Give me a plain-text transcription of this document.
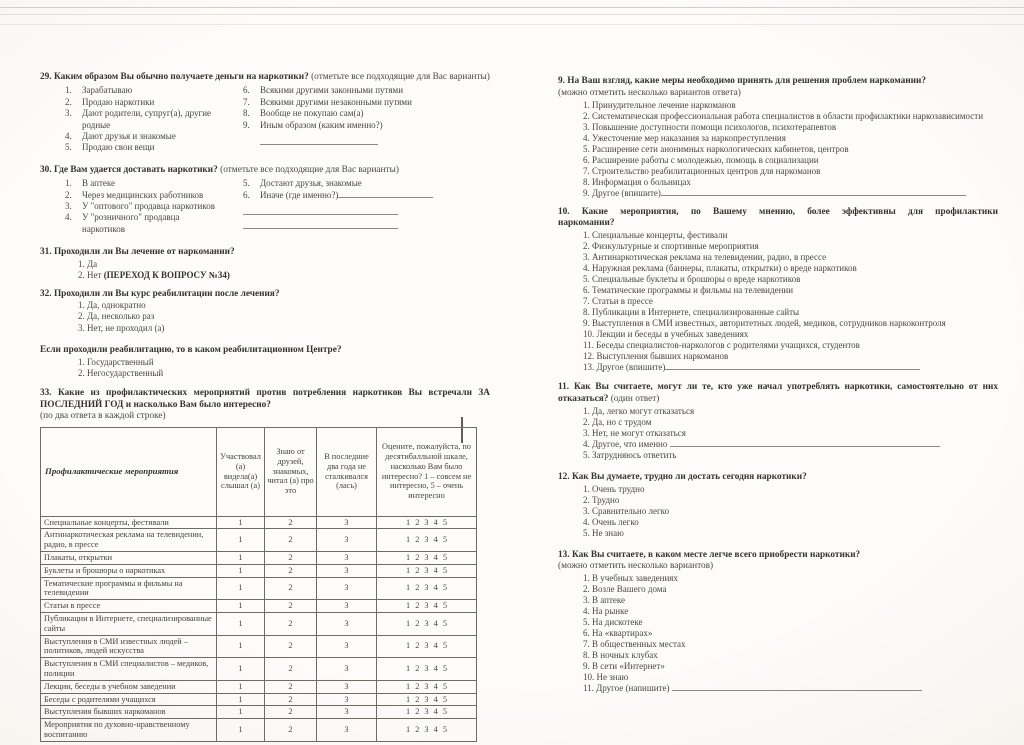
29. Каким образом Вы обычно получаете деньги на наркотики? (отметьте все подходящие для Вас варианты)

1.	Зарабатываю
2.	Продаю наркотики
3.	Дают родители, супруг(а), другие родные
4.	Дают друзья и знакомые
5.	Продаю свои вещи
6.	Всякими другими законными путями
7.	Всякими другими незаконными путями
8.	Вообще не покупаю сам(а)
9.	Иным образом (каким именно?)

30. Где Вам удается доставать наркотики? (отметьте все подходящие для Вас варианты)

1.	В аптеке
2.	Через медицинских работников
3.	У "оптового" продавца наркотиков
4.	У "розничного" продавца наркотиков
5.	Достают друзья, знакомые
6.	Иначе (где именно?)

31. Проходили ли Вы лечение от наркомании?

1. Да
2. Нет (ПЕРЕХОД К ВОПРОСУ №34)

32. Проходили ли Вы курс реабилитации после лечения?

1. Да, однократно
2. Да, несколько раз
3. Нет, не проходил (а)

Если проходили реабилитацию, то в каком реабилитационном Центре?

1. Государственный
2. Негосударственный

33. Какие из профилактических мероприятий против потребления наркотиков Вы встречали ЗА ПОСЛЕДНИЙ ГОД и насколько Вам было интересно?
(по два ответа в каждой строке)

Профилактические мероприятия	Участвовал (а) видела(а) слышал (а)	Знаю от друзей, знакомых, читал (а) про это	В последние два года не сталкивался (лась)	Оцените, пожалуйста, по десятибалльной шкале, насколько Вам было интересно? 1 – совсем не интересно, 5 – очень интересно
Специальные концерты, фестивали	1	2	3	1 2 3 4 5
Антинаркотическая реклама на телевидении, радио, в прессе	1	2	3	1 2 3 4 5
Плакаты, открытки	1	2	3	1 2 3 4 5
Буклеты и брошюры о наркотиках	1	2	3	1 2 3 4 5
Тематические программы и фильмы на телевидении	1	2	3	1 2 3 4 5
Статьи в прессе	1	2	3	1 2 3 4 5
Публикации в Интернете, специализированные сайты	1	2	3	1 2 3 4 5
Выступления в СМИ известных людей – политиков, людей искусства	1	2	3	1 2 3 4 5
Выступления в СМИ специалистов – медиков, полиции	1	2	3	1 2 3 4 5
Лекции, беседы в учебном заведении	1	2	3	1 2 3 4 5
Беседы с родителями учащихся	1	2	3	1 2 3 4 5
Выступления бывших наркоманов	1	2	3	1 2 3 4 5
Мероприятия по духовно-нравственному воспитанию	1	2	3	1 2 3 4 5

9. На Ваш взгляд, какие меры необходимо принять для решения проблем наркомании?
(можно отметить несколько вариантов ответа)

1. Принудительное лечение наркоманов
2. Систематическая профессиональная работа специалистов в области профилактики наркозависимости
3. Повышение доступности помощи психологов, психотерапевтов
4. Ужесточение мер наказания за наркопреступления
5. Расширение сети анонимных наркологических кабинетов, центров
6. Расширение работы с молодежью, помощь в социализации
7. Строительство реабилитационных центров для наркоманов
8. Информация о больницах
9. Другое (впишите)

10. Какие мероприятия, по Вашему мнению, более эффективны для профилактики наркомании?

1. Специальные концерты, фестивали
2. Физкультурные и спортивные мероприятия
3. Антинаркотическая реклама на телевидении, радио, в прессе
4. Наружная реклама (баннеры, плакаты, открытки) о вреде наркотиков
5. Специальные буклеты и брошюры о вреде наркотиков
6. Тематические программы и фильмы на телевидении
7. Статьи в прессе
8. Публикации в Интернете, специализированные сайты
9. Выступления в СМИ известных, авторитетных людей, медиков, сотрудников наркоконтроля
10. Лекции и беседы в учебных заведениях
11. Беседы специалистов-наркологов с родителями учащихся, студентов
12. Выступления бывших наркоманов
13. Другое (впишите)

11. Как Вы считаете, могут ли те, кто уже начал употреблять наркотики, самостоятельно от них отказаться? (один ответ)

1. Да, легко могут отказаться
2. Да, но с трудом
3. Нет, не могут отказаться
4. Другое, что именно
5. Затрудняюсь ответить

12. Как Вы думаете, трудно ли достать сегодня наркотики?

1. Очень трудно
2. Трудно
3. Сравнительно легко
4. Очень легко
5. Не знаю

13. Как Вы считаете, в каком месте легче всего приобрести наркотики?
(можно отметить несколько вариантов)

1. В учебных заведениях
2. Возле Вашего дома
3. В аптеке
4. На рынке
5. На дискотеке
6. На «квартирах»
7. В общественных местах
8. В ночных клубах
9. В сети «Интернет»
10. Не знаю
11. Другое (напишите)
